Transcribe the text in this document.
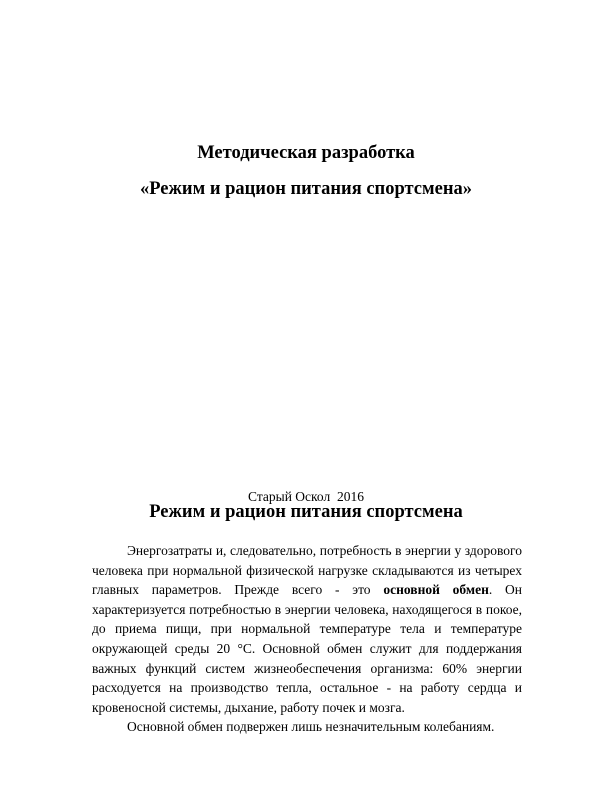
Методическая разработка
«Режим и рацион питания спортсмена»

Старый Оскол  2016

Режим и рацион питания спортсмена

Энергозатраты и, следовательно, потребность в энергии у здорового человека при нормальной физической нагрузке складываются из четырех главных параметров. Прежде всего - это основной обмен. Он характеризуется потребностью в энергии человека, находящегося в покое, до приема пищи, при нормальной температуре тела и температуре окружающей среды 20 °С. Основной обмен служит для поддержания важных функций систем жизнеобеспечения организма: 60% энергии расходуется на производство тепла, остальное - на работу сердца и кровеносной системы, дыхание, работу почек и мозга.

Основной обмен подвержен лишь незначительным колебаниям.
